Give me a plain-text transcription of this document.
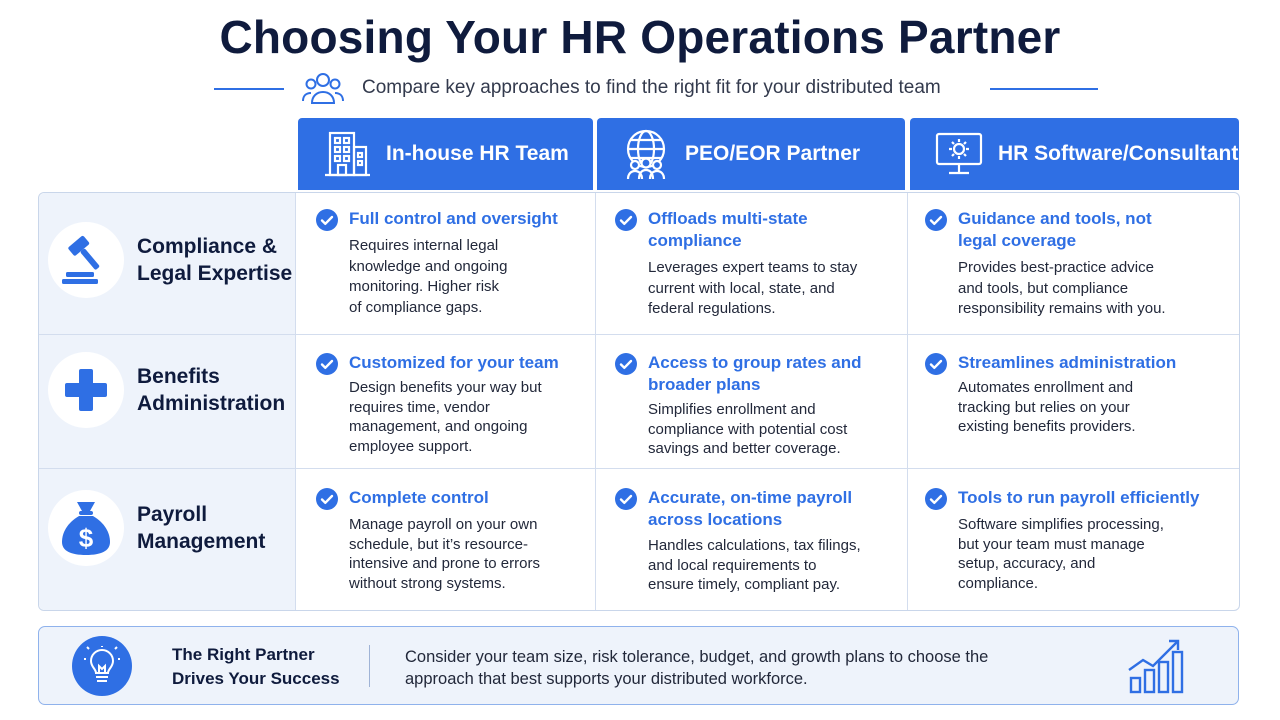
Choosing Your HR Operations Partner
Compare key approaches to find the right fit for your distributed team
In-house HR Team	PEO/EOR Partner	HR Software/Consultant
Compliance &
Legal Expertise
Benefits
Administration
$
Payroll
Management
Full control and oversight
Requires internal legal
knowledge and ongoing
monitoring. Higher risk
of compliance gaps.
Offloads multi-state
compliance
Leverages expert teams to stay
current with local, state, and
federal regulations.
Guidance and tools, not
legal coverage
Provides best-practice advice
and tools, but compliance
responsibility remains with you.
Customized for your team
Design benefits your way but
requires time, vendor
management, and ongoing
employee support.
Access to group rates and
broader plans
Simplifies enrollment and
compliance with potential cost
savings and better coverage.
Streamlines administration
Automates enrollment and
tracking but relies on your
existing benefits providers.
Complete control
Manage payroll on your own
schedule, but it’s resource-
intensive and prone to errors
without strong systems.
Accurate, on-time payroll
across locations
Handles calculations, tax filings,
and local requirements to
ensure timely, compliant pay.
Tools to run payroll efficiently
Software simplifies processing,
but your team must manage
setup, accuracy, and
compliance.
The Right Partner
Drives Your Success
Consider your team size, risk tolerance, budget, and growth plans to choose the
approach that best supports your distributed workforce.
